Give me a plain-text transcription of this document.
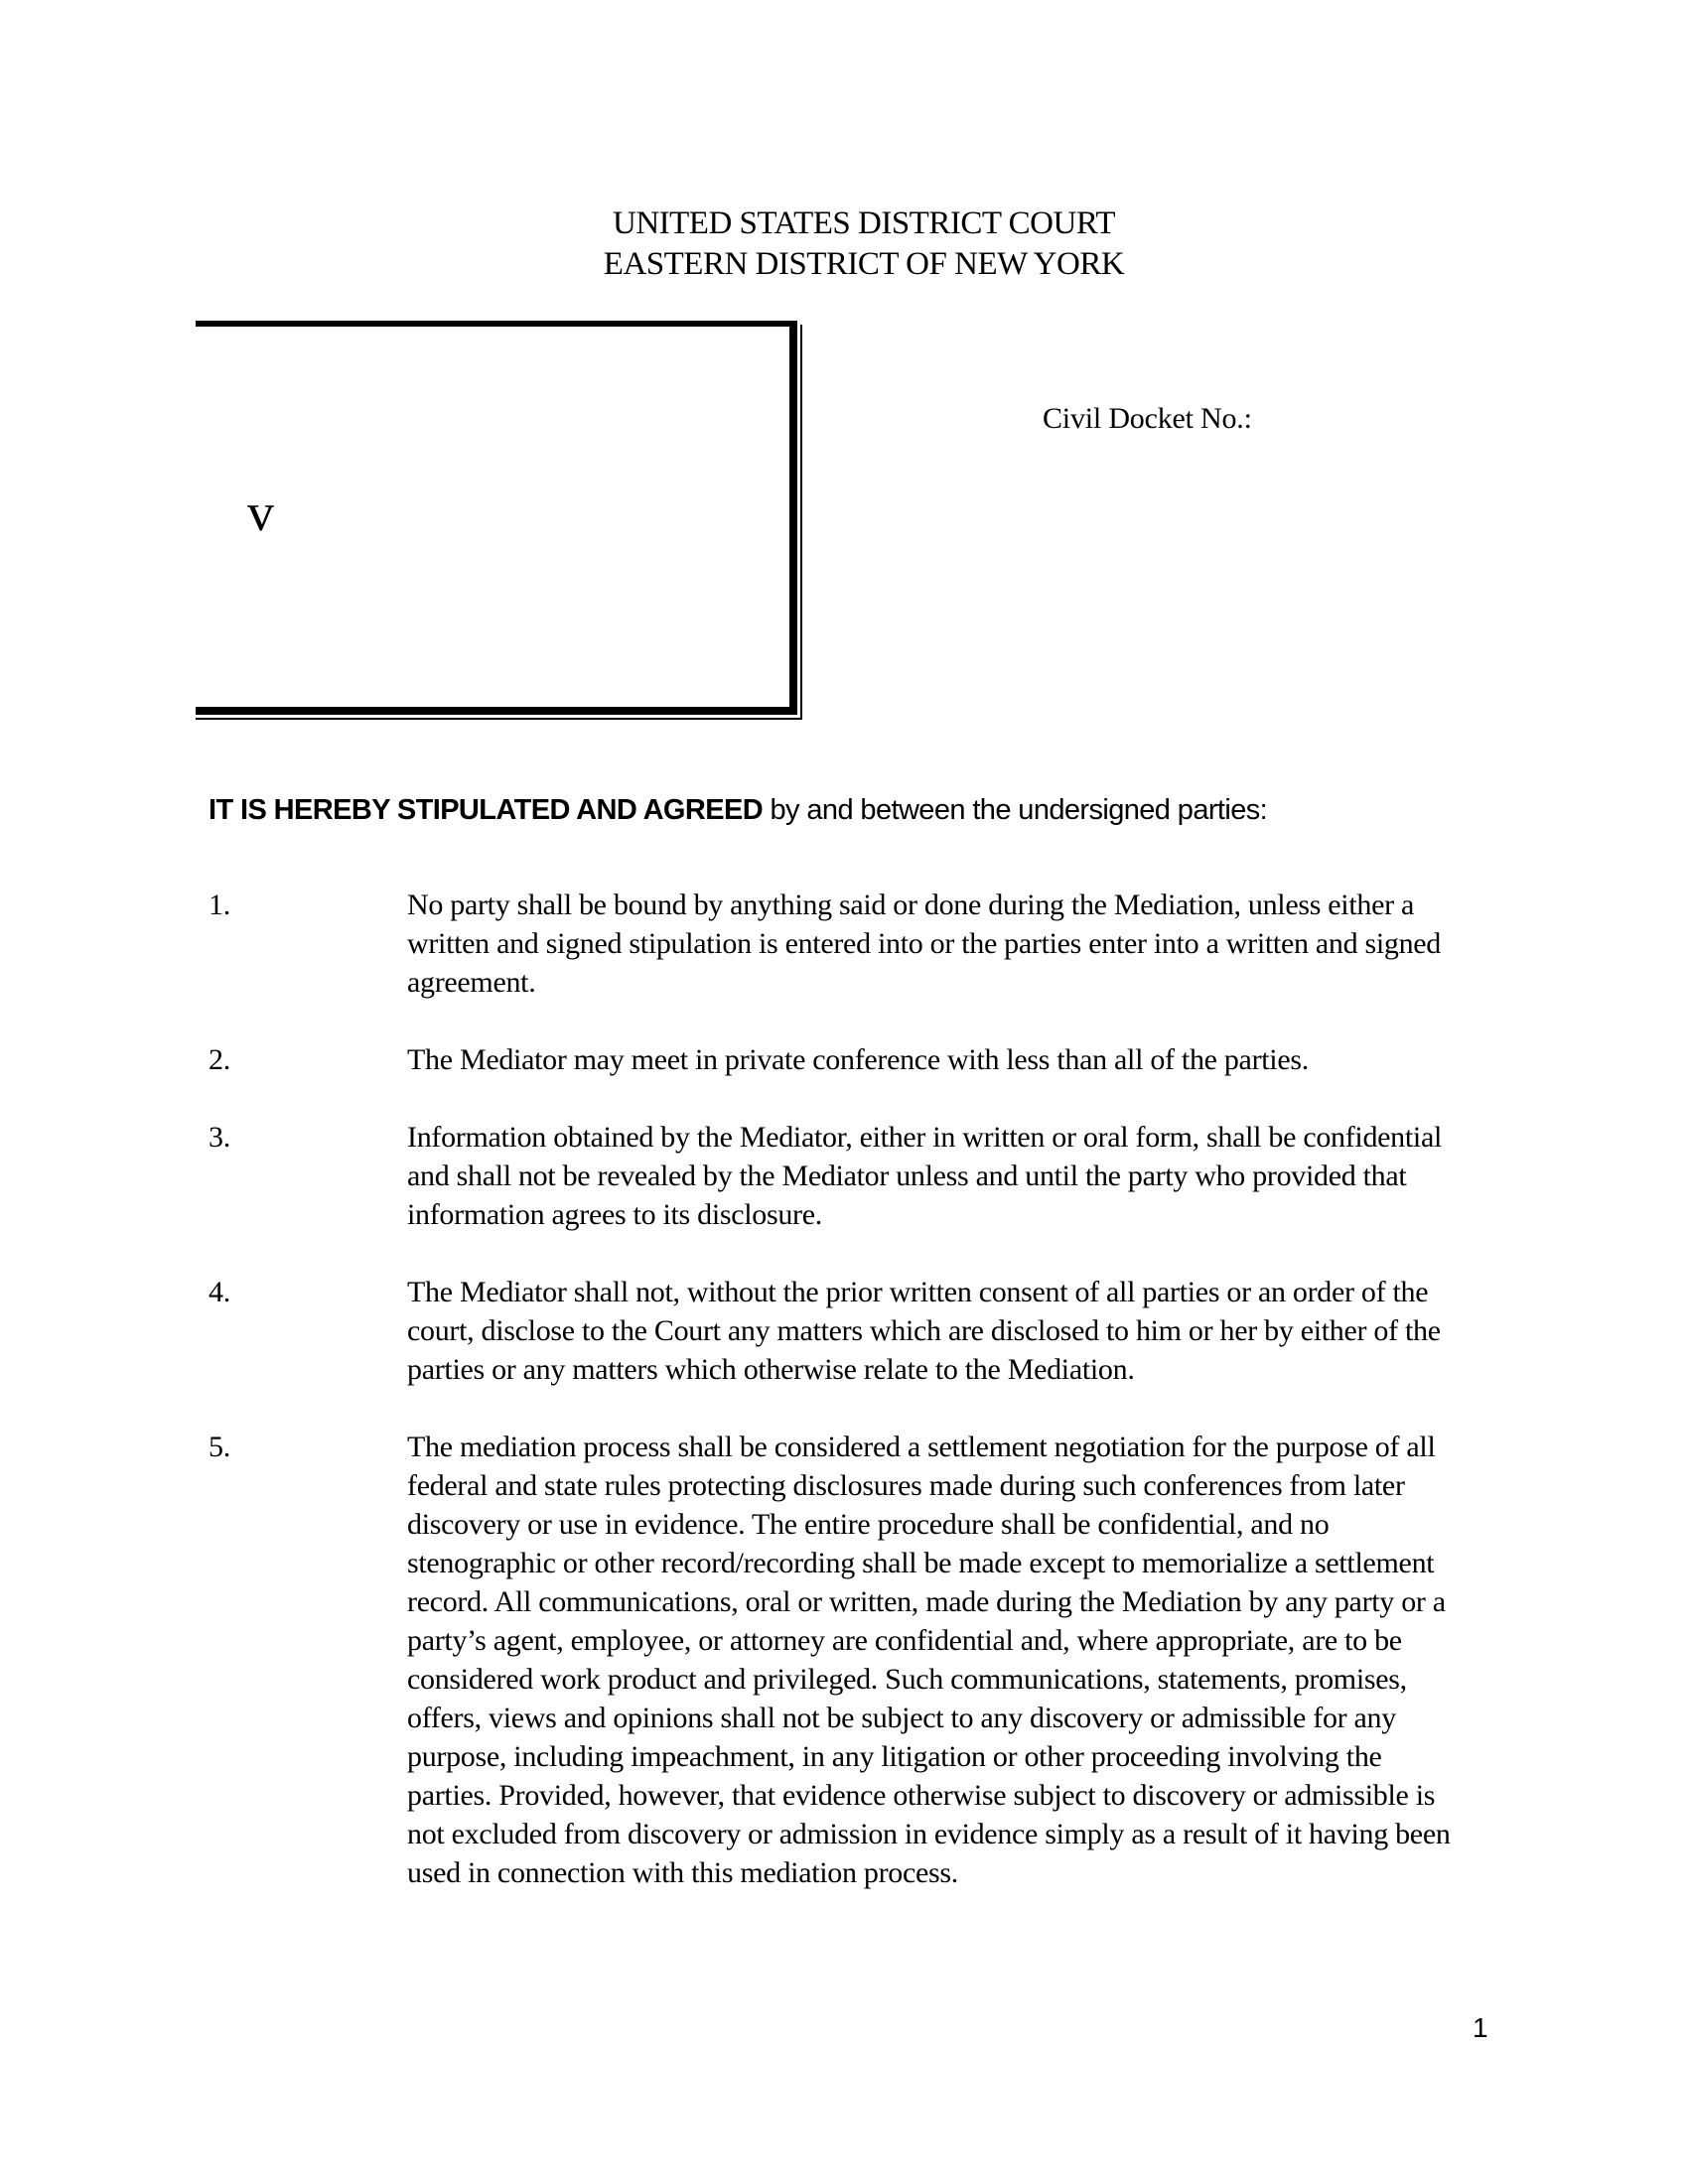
UNITED STATES DISTRICT COURT
EASTERN DISTRICT OF NEW YORK
v
Civil Docket No.:

IT IS HEREBY STIPULATED AND AGREED by and between the undersigned parties:

1.	No party shall be bound by anything said or done during the Mediation, unless either a written and signed stipulation is entered into or the parties enter into a written and signed agreement.
2.	The Mediator may meet in private conference with less than all of the parties.
3.	Information obtained by the Mediator, either in written or oral form, shall be confidential and shall not be revealed by the Mediator unless and until the party who provided that information agrees to its disclosure.
4.	The Mediator shall not, without the prior written consent of all parties or an order of the court, disclose to the Court any matters which are disclosed to him or her by either of the parties or any matters which otherwise relate to the Mediation.
5.	The mediation process shall be considered a settlement negotiation for the purpose of all federal and state rules protecting disclosures made during such conferences from later discovery or use in evidence. The entire procedure shall be confidential, and no stenographic or other record/recording shall be made except to memorialize a settlement record. All communications, oral or written, made during the Mediation by any party or a party’s agent, employee, or attorney are confidential and, where appropriate, are to be considered work product and privileged. Such communications, statements, promises, offers, views and opinions shall not be subject to any discovery or admissible for any purpose, including impeachment, in any litigation or other proceeding involving the parties. Provided, however, that evidence otherwise subject to discovery or admissible is not excluded from discovery or admission in evidence simply as a result of it having been used in connection with this mediation process.
1
